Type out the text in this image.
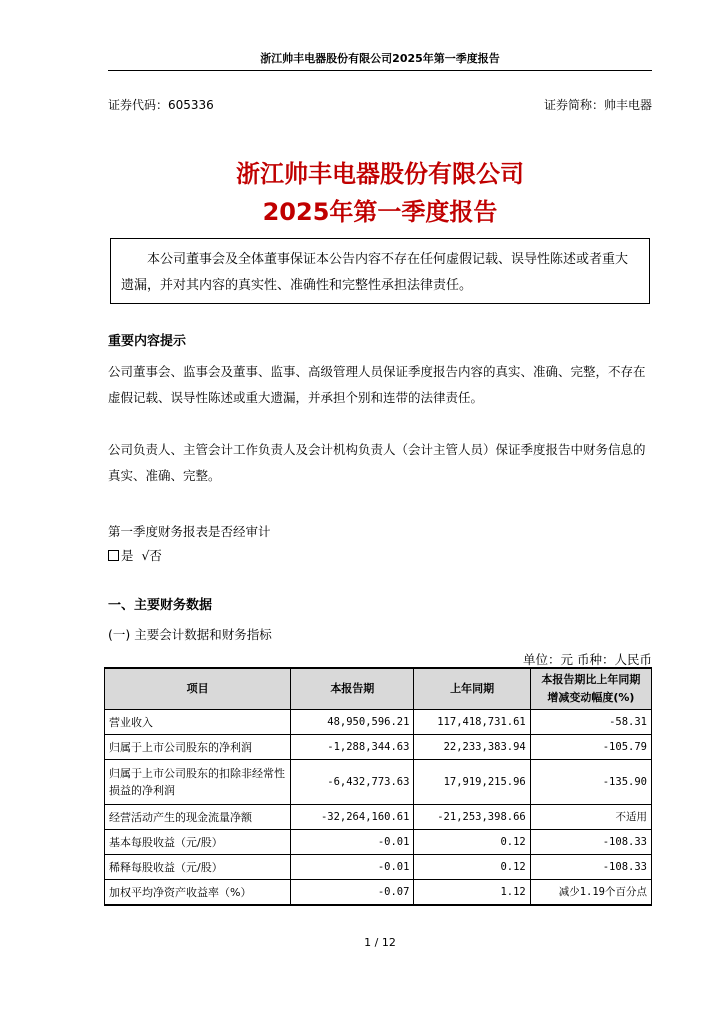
浙江帅丰电器股份有限公司2025年第一季度报告
证券代码：605336	证券简称：帅丰电器
浙江帅丰电器股份有限公司
2025年第一季度报告
本公司董事会及全体董事保证本公告内容不存在任何虚假记载、误导性陈述或者重大遗漏，并对其内容的真实性、准确性和完整性承担法律责任。
重要内容提示
公司董事会、监事会及董事、监事、高级管理人员保证季度报告内容的真实、准确、完整，不存在虚假记载、误导性陈述或重大遗漏，并承担个别和连带的法律责任。
公司负责人、主管会计工作负责人及会计机构负责人（会计主管人员）保证季度报告中财务信息的真实、准确、完整。
第一季度财务报表是否经审计
是 √否
一、主要财务数据
(一) 主要会计数据和财务指标
单位：元 币种：人民币
项目	本报告期	上年同期	本报告期比上年同期
增减变动幅度(%)

营业收入	48,950,596.21	117,418,731.61	-58.31
归属于上市公司股东的净利润	-1,288,344.63	22,233,383.94	-105.79
归属于上市公司股东的扣除非经常性损益的净利润	-6,432,773.63	17,919,215.96	-135.90
经营活动产生的现金流量净额	-32,264,160.61	-21,253,398.66	不适用
基本每股收益（元/股）	-0.01	0.12	-108.33
稀释每股收益（元/股）	-0.01	0.12	-108.33
加权平均净资产收益率（%）	-0.07	1.12	减少1.19个百分点
1 / 12
